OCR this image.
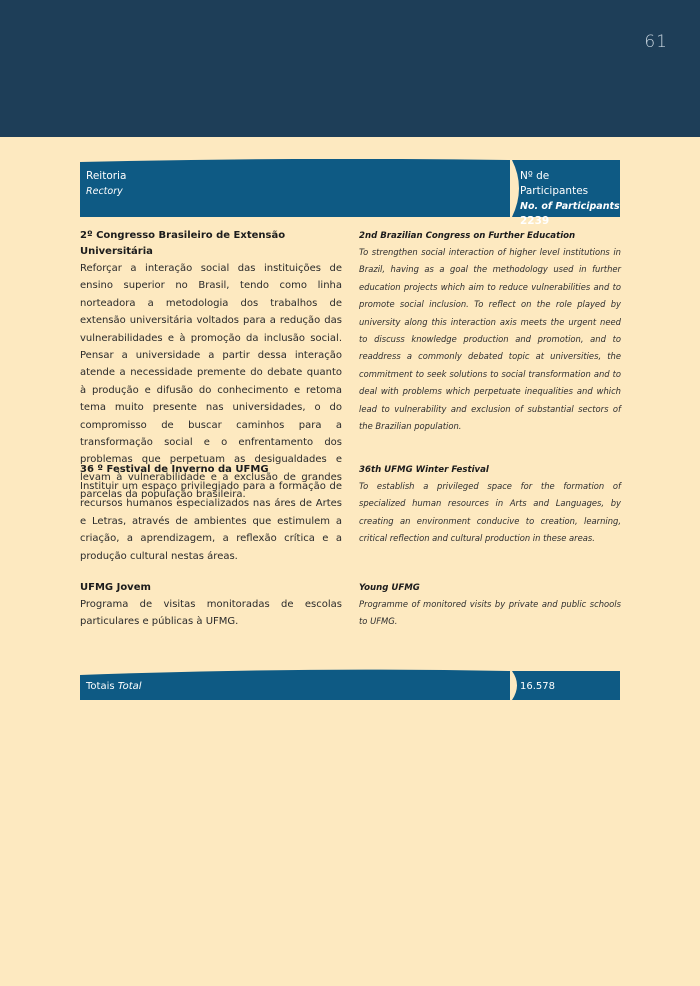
61
Reitoria
Rectory
Nº de Participantes
No. of Participants
2239
2º Congresso Brasileiro de Extensão Universitária
Reforçar a interação social das instituições de ensino superior no Brasil, tendo como linha norteadora a metodologia dos trabalhos de extensão universitária voltados para a redução das vulnerabilidades e à promoção da inclusão social. Pensar a universidade a partir dessa interação atende a necessidade premente do debate quanto à produção e difusão do conhecimento e retoma tema muito presente nas universidades, o do compromisso de buscar caminhos para a transformação social e o enfrentamento dos problemas que perpetuam as desigualdades e levam à vulnerabilidade e a exclusão de grandes parcelas da população brasileira.
2nd Brazilian Congress on Further Education
To strengthen social interaction of higher level institutions in Brazil, having as a goal the methodology used in further education projects which aim to reduce vulnerabilities and to promote social inclusion. To reflect on the role played by university along this interaction axis meets the urgent need to discuss knowledge production and promotion, and to readdress a commonly debated topic at universities, the commitment to seek solutions to social transformation and to deal with problems which perpetuate inequalities and which lead to vulnerability and exclusion of substantial sectors of the Brazilian population.
36 º Festival de Inverno da UFMG
Instituir um espaço privilegiado para a formação de recursos humanos especializados nas áres de Artes e Letras, através de ambientes que estimulem a criação, a aprendizagem, a reflexão crítica e a produção cultural nestas áreas.
36th UFMG Winter Festival
To establish a privileged space for the formation of specialized human resources in Arts and Languages, by creating an environment conducive to creation, learning, critical reflection and cultural production in these areas.
UFMG Jovem
Programa de visitas monitoradas de escolas particulares e públicas à UFMG.
Young UFMG
Programme of monitored visits by private and public schools to UFMG.
Totais Total	16.578
